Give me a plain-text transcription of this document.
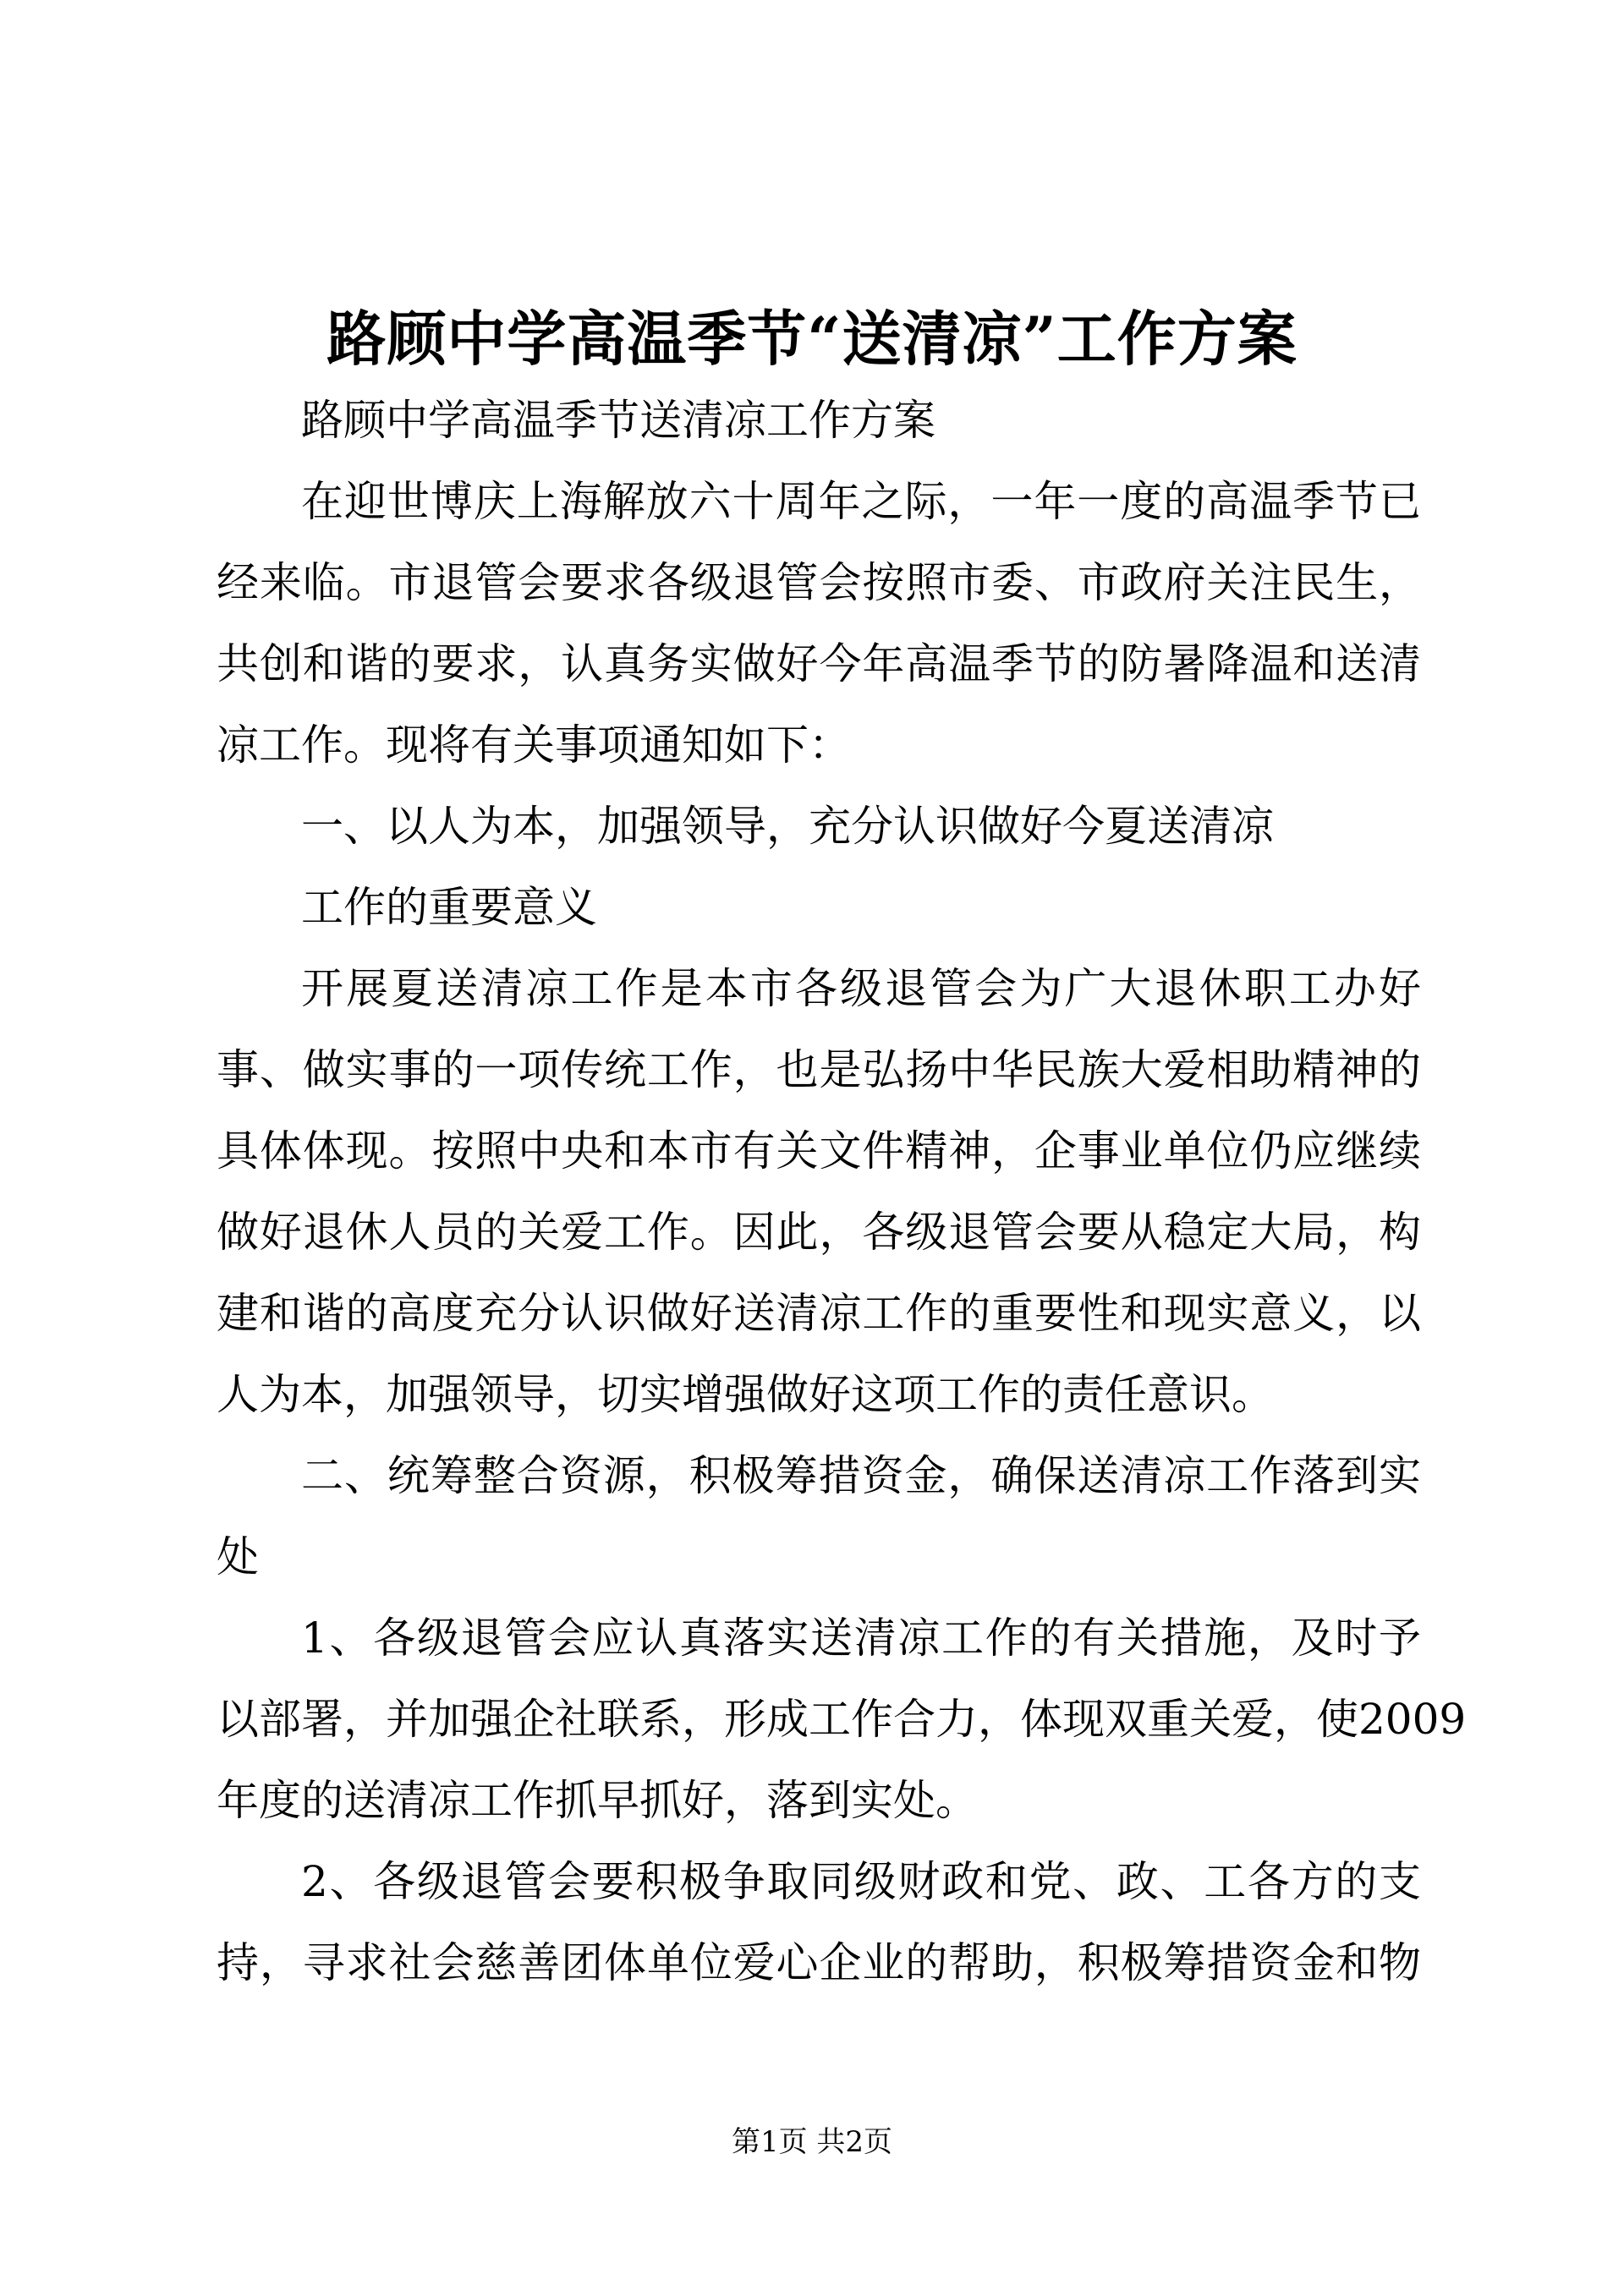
路顾中学高温季节“送清凉”工作方案
路顾中学高温季节送清凉工作方案
在迎世博庆上海解放六十周年之际，一年一度的高温季节已
经来临。市退管会要求各级退管会按照市委、市政府关注民生，
共创和谐的要求，认真务实做好今年高温季节的防暑降温和送清
凉工作。现将有关事项通知如下：
一、以人为本，加强领导，充分认识做好今夏送清凉
工作的重要意义
开展夏送清凉工作是本市各级退管会为广大退休职工办好
事、做实事的一项传统工作，也是弘扬中华民族大爱相助精神的
具体体现。按照中央和本市有关文件精神，企事业单位仍应继续
做好退休人员的关爱工作。因此，各级退管会要从稳定大局，构
建和谐的高度充分认识做好送清凉工作的重要性和现实意义，以
人为本，加强领导，切实增强做好这项工作的责任意识。
二、统筹整合资源，积极筹措资金，确保送清凉工作落到实
处
1、各级退管会应认真落实送清凉工作的有关措施，及时予
以部署，并加强企社联系，形成工作合力，体现双重关爱，使2009
年度的送清凉工作抓早抓好，落到实处。
2、各级退管会要积极争取同级财政和党、政、工各方的支
持，寻求社会慈善团体单位爱心企业的帮助，积极筹措资金和物
第1页 共2页
